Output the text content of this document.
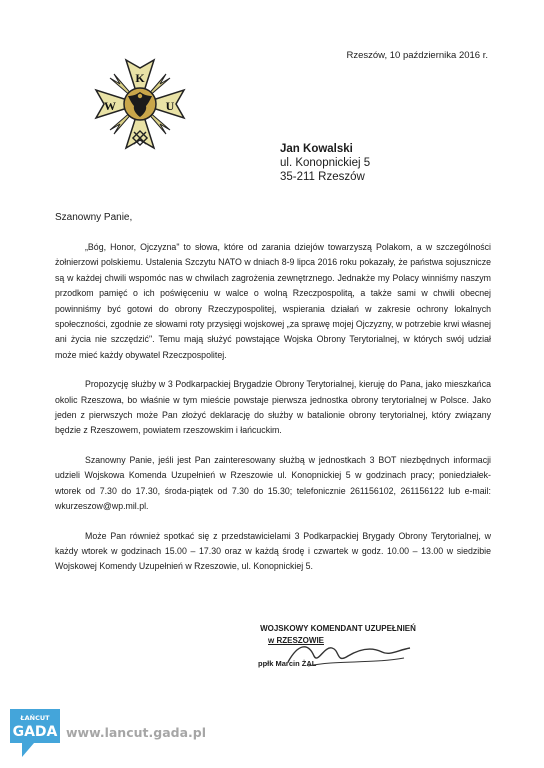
Rzeszów, 10 października 2016 r.
K
W	U
Jan Kowalski
ul. Konopnickiej 5
35-211 Rzeszów
Szanowny Panie,

„Bóg, Honor, Ojczyzna" to słowa, które od zarania dziejów towarzyszą Polakom, a w szczególności żołnierzowi polskiemu. Ustalenia Szczytu NATO w dniach 8-9 lipca 2016 roku pokazały, że państwa sojusznicze są w każdej chwili wspomóc nas w chwilach zagrożenia zewnętrznego. Jednakże my Polacy winniśmy naszym przodkom pamięć o ich poświęceniu w walce o wolną Rzeczpospolitą, a także sami w chwili obecnej powinniśmy być gotowi do obrony Rzeczypospolitej, wspierania działań w zakresie ochrony lokalnych społeczności, zgodnie ze słowami roty przysięgi wojskowej „za sprawę mojej Ojczyzny, w potrzebie krwi własnej ani życia nie szczędzić". Temu mają służyć powstające Wojska Obrony Terytorialnej, w których swój udział może mieć każdy obywatel Rzeczpospolitej.

Propozycję służby w 3 Podkarpackiej Brygadzie Obrony Terytorialnej, kieruję do Pana, jako mieszkańca okolic Rzeszowa, bo właśnie w tym mieście powstaje pierwsza jednostka obrony terytorialnej w Polsce. Jako jeden z pierwszych może Pan złożyć deklarację do służby w batalionie obrony terytorialnej, który związany będzie z Rzeszowem, powiatem rzeszowskim i łańcuckim.

Szanowny Panie, jeśli jest Pan zainteresowany służbą w jednostkach 3 BOT niezbędnych informacji udzieli Wojskowa Komenda Uzupełnień w Rzeszowie ul. Konopnickiej 5 w godzinach pracy; poniedziałek-wtorek od 7.30 do 17.30, środa-piątek od 7.30 do 15.30; telefonicznie 261156102, 261156122 lub e-mail: wkurzeszow@wp.mil.pl.

Może Pan również spotkać się z przedstawicielami 3 Podkarpackiej Brygady Obrony Terytorialnej, w każdy wtorek w godzinach 15.00 – 17.30 oraz w każdą środę i czwartek w godz. 10.00 – 13.00 w siedzibie Wojskowej Komendy Uzupełnień w Rzeszowie, ul. Konopnickiej 5.

WOJSKOWY KOMENDANT UZUPEŁNIEŃ
w RZESZOWIE
ppłk Marcin ŻAL
ŁAŃCUT
GADA www.lancut.gada.pl
